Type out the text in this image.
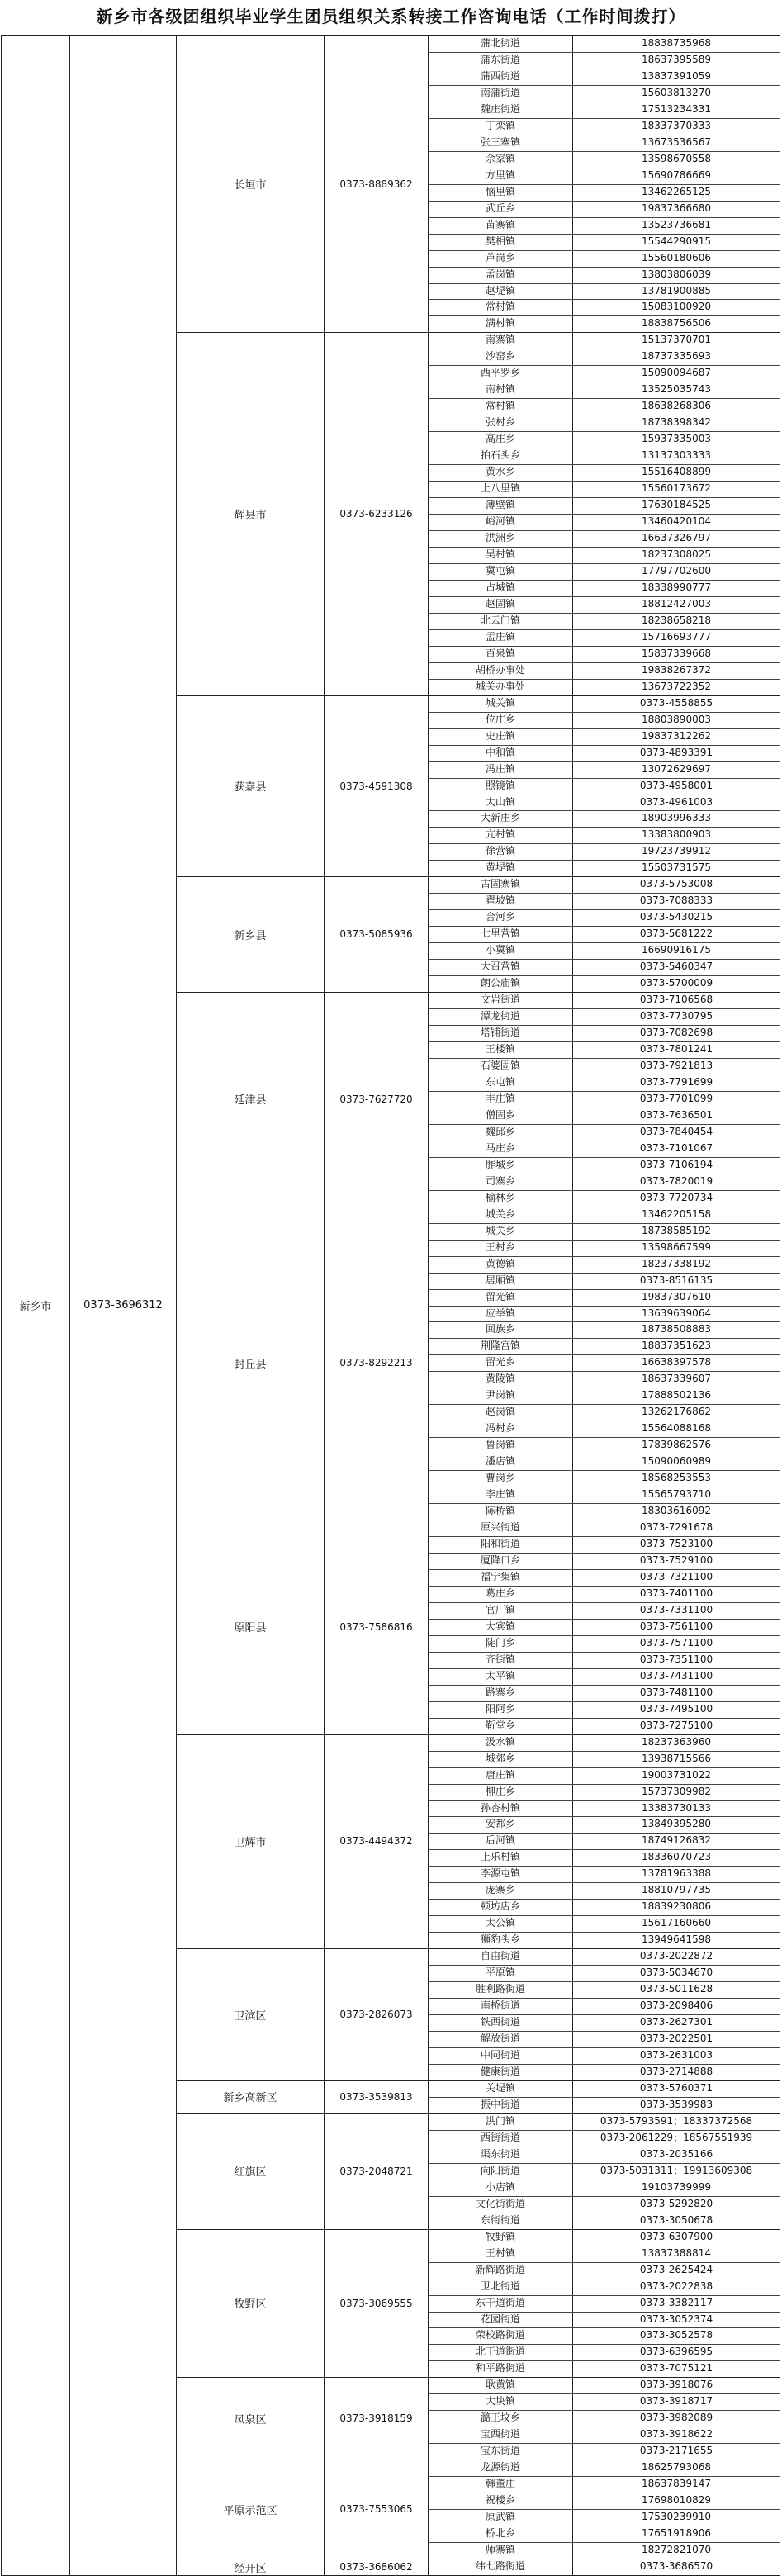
新乡市各级团组织毕业学生团员组织关系转接工作咨询电话（工作时间拨打）
新乡市	0373-3696312
长垣市	0373-8889362
蒲北街道	18838735968
蒲东街道	18637395589
蒲西街道	13837391059
南蒲街道	15603813270
魏庄街道	17513234331
丁栾镇	18337370333
张三寨镇	13673536567
佘家镇	13598670558
方里镇	15690786669
恼里镇	13462265125
武丘乡	19837366680
苗寨镇	13523736681
樊相镇	15544290915
芦岗乡	15560180606
孟岗镇	13803806039
赵堤镇	13781900885
常村镇	15083100920
满村镇	18838756506
辉县市	0373-6233126
南寨镇	15137370701
沙窑乡	18737335693
西平罗乡	15090094687
南村镇	13525035743
常村镇	18638268306
张村乡	18738398342
高庄乡	15937335003
拍石头乡	13137303333
黄水乡	15516408899
上八里镇	15560173672
薄壁镇	17630184525
峪河镇	13460420104
洪洲乡	16637326797
吴村镇	18237308025
冀屯镇	17797702600
占城镇	18338990777
赵固镇	18812427003
北云门镇	18238658218
孟庄镇	15716693777
百泉镇	15837339668
胡桥办事处	19838267372
城关办事处	13673722352
获嘉县	0373-4591308
城关镇	0373-4558855
位庄乡	18803890003
史庄镇	19837312262
中和镇	0373-4893391
冯庄镇	13072629697
照镜镇	0373-4958001
太山镇	0373-4961003
大新庄乡	18903996333
亢村镇	13383800903
徐营镇	19723739912
黄堤镇	15503731575
新乡县	0373-5085936
古固寨镇	0373-5753008
翟坡镇	0373-7088333
合河乡	0373-5430215
七里营镇	0373-5681222
小冀镇	16690916175
大召营镇	0373-5460347
朗公庙镇	0373-5700009
延津县	0373-7627720
文岩街道	0373-7106568
潭龙街道	0373-7730795
塔铺街道	0373-7082698
王楼镇	0373-7801241
石婆固镇	0373-7921813
东屯镇	0373-7791699
丰庄镇	0373-7701099
僧固乡	0373-7636501
魏邱乡	0373-7840454
马庄乡	0373-7101067
胙城乡	0373-7106194
司寨乡	0373-7820019
榆林乡	0373-7720734
封丘县	0373-8292213
城关乡	13462205158
城关乡	18738585192
王村乡	13598667599
黄德镇	18237338192
居厢镇	0373-8516135
留光镇	19837307610
应举镇	13639639064
回族乡	18738508883
荆隆宫镇	18837351623
留光乡	16638397578
黄陵镇	18637339607
尹岗镇	17888502136
赵岗镇	13262176862
冯村乡	15564088168
鲁岗镇	17839862576
潘店镇	15090060989
曹岗乡	18568253553
李庄镇	15565793710
陈桥镇	18303616092
原阳县	0373-7586816
原兴街道	0373-7291678
阳和街道	0373-7523100
厦降口乡	0373-7529100
福宁集镇	0373-7321100
葛庄乡	0373-7401100
官厂镇	0373-7331100
大宾镇	0373-7561100
陡门乡	0373-7571100
齐街镇	0373-7351100
太平镇	0373-7431100
路寨乡	0373-7481100
阳阿乡	0373-7495100
靳堂乡	0373-7275100
卫辉市	0373-4494372
汲水镇	18237363960
城郊乡	13938715566
唐庄镇	19003731022
柳庄乡	15737309982
孙杏村镇	13383730133
安都乡	13849395280
后河镇	18749126832
上乐村镇	18336070723
李源屯镇	13781963388
庞寨乡	18810797735
顿坊店乡	18839230806
太公镇	15617160660
狮豹头乡	13949641598
卫滨区	0373-2826073
自由街道	0373-2022872
平原镇	0373-5034670
胜利路街道	0373-5011628
南桥街道	0373-2098406
铁西街道	0373-2627301
解放街道	0373-2022501
中同街道	0373-2631003
健康街道	0373-2714888
新乡高新区	0373-3539813
关堤镇	0373-5760371
振中街道	0373-3539983
红旗区	0373-2048721
洪门镇	0373-5793591；18337372568
西街街道	0373-2061229；18567551939
渠东街道	0373-2035166
向阳街道	0373-5031311；19913609308
小店镇	19103739999
文化街街道	0373-5292820
东街街道	0373-3050678
牧野区	0373-3069555
牧野镇	0373-6307900
王村镇	13837388814
新辉路街道	0373-2625424
卫北街道	0373-2022838
东干道街道	0373-3382117
花园街道	0373-3052374
荣校路街道	0373-3052578
北干道街道	0373-6396595
和平路街道	0373-7075121
凤泉区	0373-3918159
耿黄镇	0373-3918076
大块镇	0373-3918717
潞王坟乡	0373-3982089
宝西街道	0373-3918622
宝东街道	0373-2171655
平原示范区	0373-7553065
龙源街道	18625793068
韩董庄	18637839147
祝楼乡	17698010829
原武镇	17530239910
桥北乡	17651918906
师寨镇	18272821070
经开区	0373-3686062	纬七路街道	0373-3686570
